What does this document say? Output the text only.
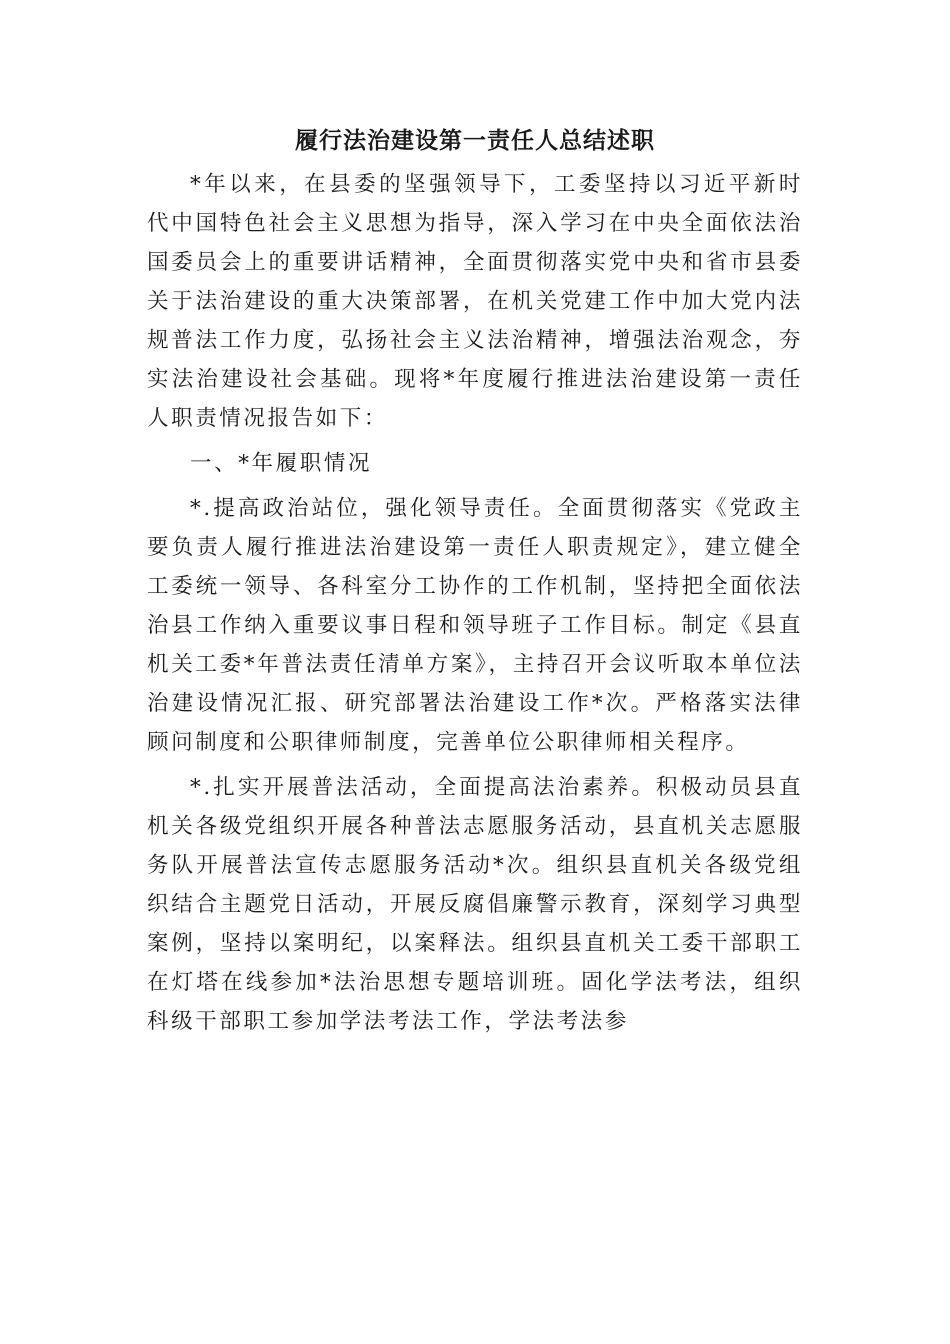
履行法治建设第一责任人总结述职

*年以来，在县委的坚强领导下，工委坚持以习近平新时代中国特色社会主义思想为指导，深入学习在中央全面依法治国委员会上的重要讲话精神，全面贯彻落实党中央和省市县委关于法治建设的重大决策部署，在机关党建工作中加大党内法规普法工作力度，弘扬社会主义法治精神，增强法治观念，夯实法治建设社会基础。现将*年度履行推进法治建设第一责任人职责情况报告如下：

一、*年履职情况

*.提高政治站位，强化领导责任。全面贯彻落实《党政主要负责人履行推进法治建设第一责任人职责规定》，建立健全工委统一领导、各科室分工协作的工作机制，坚持把全面依法治县工作纳入重要议事日程和领导班子工作目标。制定《县直机关工委*年普法责任清单方案》，主持召开会议听取本单位法治建设情况汇报、研究部署法治建设工作*次。严格落实法律顾问制度和公职律师制度，完善单位公职律师相关程序。

*.扎实开展普法活动，全面提高法治素养。积极动员县直机关各级党组织开展各种普法志愿服务活动，县直机关志愿服务队开展普法宣传志愿服务活动*次。组织县直机关各级党组织结合主题党日活动，开展反腐倡廉警示教育，深刻学习典型案例，坚持以案明纪，以案释法。组织县直机关工委干部职工在灯塔在线参加*法治思想专题培训班。固化学法考法，组织科级干部职工参加学法考法工作，学法考法参
